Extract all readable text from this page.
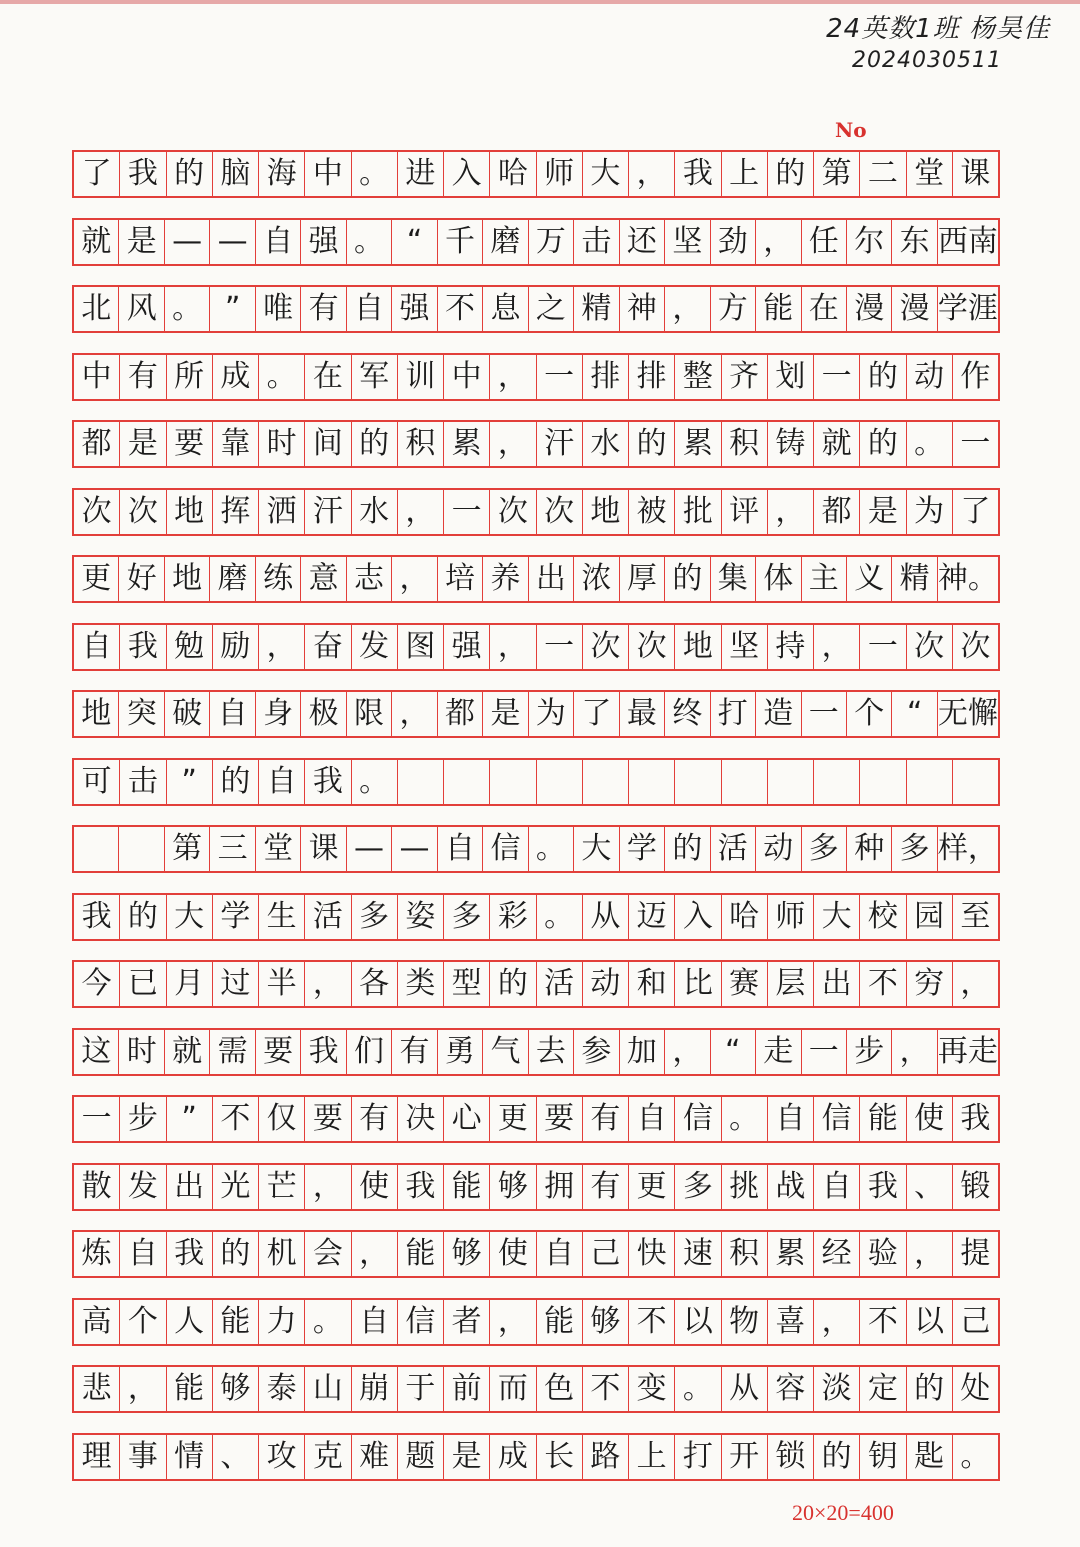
24英数1班 杨昊佳
2024030511
No
了 我 的 脑 海 中 。 进 入 哈 师 大 ， 我 上 的 第 二 堂 课
就 是 — — 自 强 。 “ 千 磨 万 击 还 坚 劲 ， 任 尔 东 西南
北 风 。 ” 唯 有 自 强 不 息 之 精 神 ， 方 能 在 漫 漫 学涯
中 有 所 成 。 在 军 训 中 ， 一 排 排 整 齐 划 一 的 动 作
都 是 要 靠 时 间 的 积 累 ， 汗 水 的 累 积 铸 就 的 。 一
次 次 地 挥 洒 汗 水 ， 一 次 次 地 被 批 评 ， 都 是 为 了
更 好 地 磨 练 意 志 ， 培 养 出 浓 厚 的 集 体 主 义 精 神。
自 我 勉 励 ， 奋 发 图 强 ， 一 次 次 地 坚 持 ， 一 次 次
地 突 破 自 身 极 限 ， 都 是 为 了 最 终 打 造 一 个 “ 无懈
可 击 ” 的 自 我 。

第 三 堂 课 — — 自 信 。 大 学 的 活 动 多 种 多 样，
我 的 大 学 生 活 多 姿 多 彩 。 从 迈 入 哈 师 大 校 园 至
今 已 月 过 半 ， 各 类 型 的 活 动 和 比 赛 层 出 不 穷 ，
这 时 就 需 要 我 们 有 勇 气 去 参 加 ， “ 走 一 步 ， 再走
一 步 ” 不 仅 要 有 决 心 更 要 有 自 信 。 自 信 能 使 我
散 发 出 光 芒 ， 使 我 能 够 拥 有 更 多 挑 战 自 我 、 锻
炼 自 我 的 机 会 ， 能 够 使 自 己 快 速 积 累 经 验 ， 提
高 个 人 能 力 。 自 信 者 ， 能 够 不 以 物 喜 ， 不 以 己
悲 ， 能 够 泰 山 崩 于 前 而 色 不 变 。 从 容 淡 定 的 处
理 事 情 、 攻 克 难 题 是 成 长 路 上 打 开 锁 的 钥 匙 。
20×20=400
